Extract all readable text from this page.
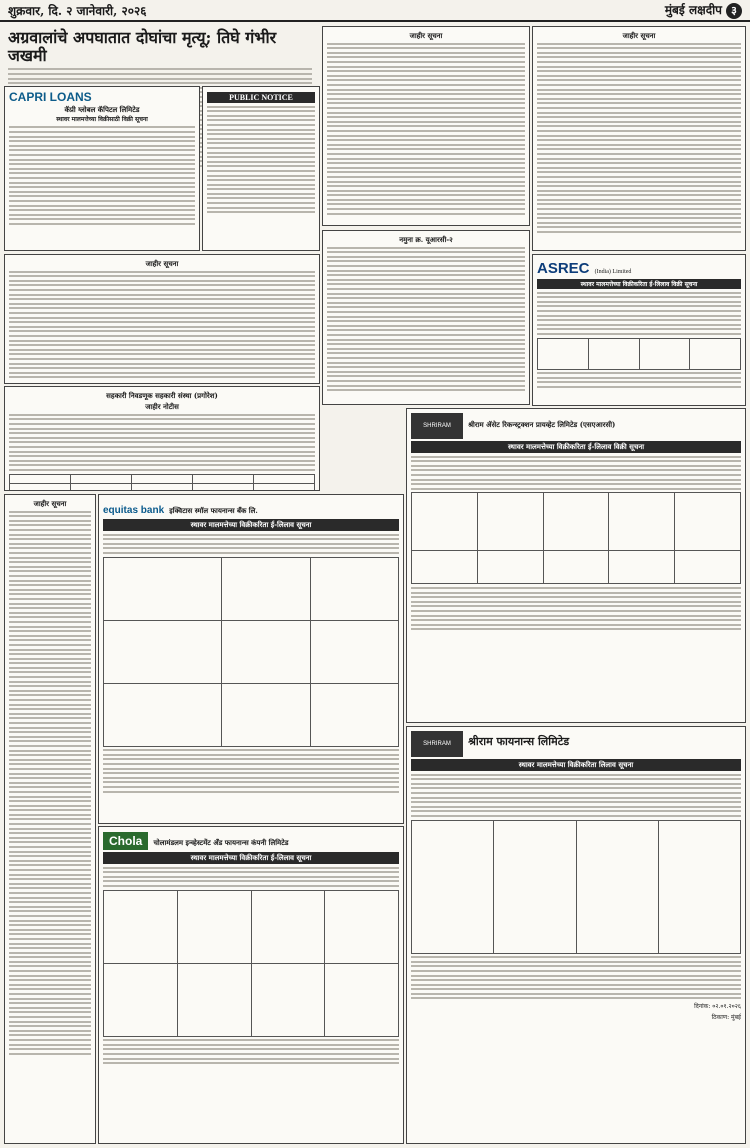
शुक्रवार, दि. २ जानेवारी, २०२६	मुंबई लक्षदीप ३
अग्रवालांचे अपघातात दोघांचा मृत्यू; तिघे गंभीर जखमी
CAPRI LOANS
कॅप्री ग्लोबल कॅपिटल लिमिटेड
स्थावर मालमत्तेच्या विक्रीसाठी विक्री सूचना
PUBLIC NOTICE
जाहीर सूचना	जाहीर सूचना
जाहीर सूचना
सहकारी निवडणूक सहकारी संस्था (प्रगोरेश)
जाहीर नोटीस

नमुना क्र. यूआरसी-२
ASREC (India) Limited
स्थावर मालमत्तेच्या विक्रीकरिता ई-लिलाव विक्री सूचना

जाहीर सूचना
equitas bank इक्विटास स्मॉल फायनान्स बँक लि.
स्थावर मालमत्तेच्या विक्रीकरिता ई-लिलाव सूचना

SHRIRAM श्रीराम ॲसेट रिकन्स्ट्रक्शन प्रायव्हेट लिमिटेड (एसएआरसी)
स्थावर मालमत्तेच्या विक्रीकरिता ई-लिलाव विक्री सूचना

Chola चोलामंडलम इन्व्हेस्टमेंट अँड फायनान्स कंपनी लिमिटेड
स्थावर मालमत्तेच्या विक्रीकरिता ई-लिलाव सूचना

SHRIRAM श्रीराम फायनान्स लिमिटेड
स्थावर मालमत्तेच्या विक्रीकरिता लिलाव सूचना

दिनांक: ०२.०१.२०२६
ठिकाण: मुंबई
